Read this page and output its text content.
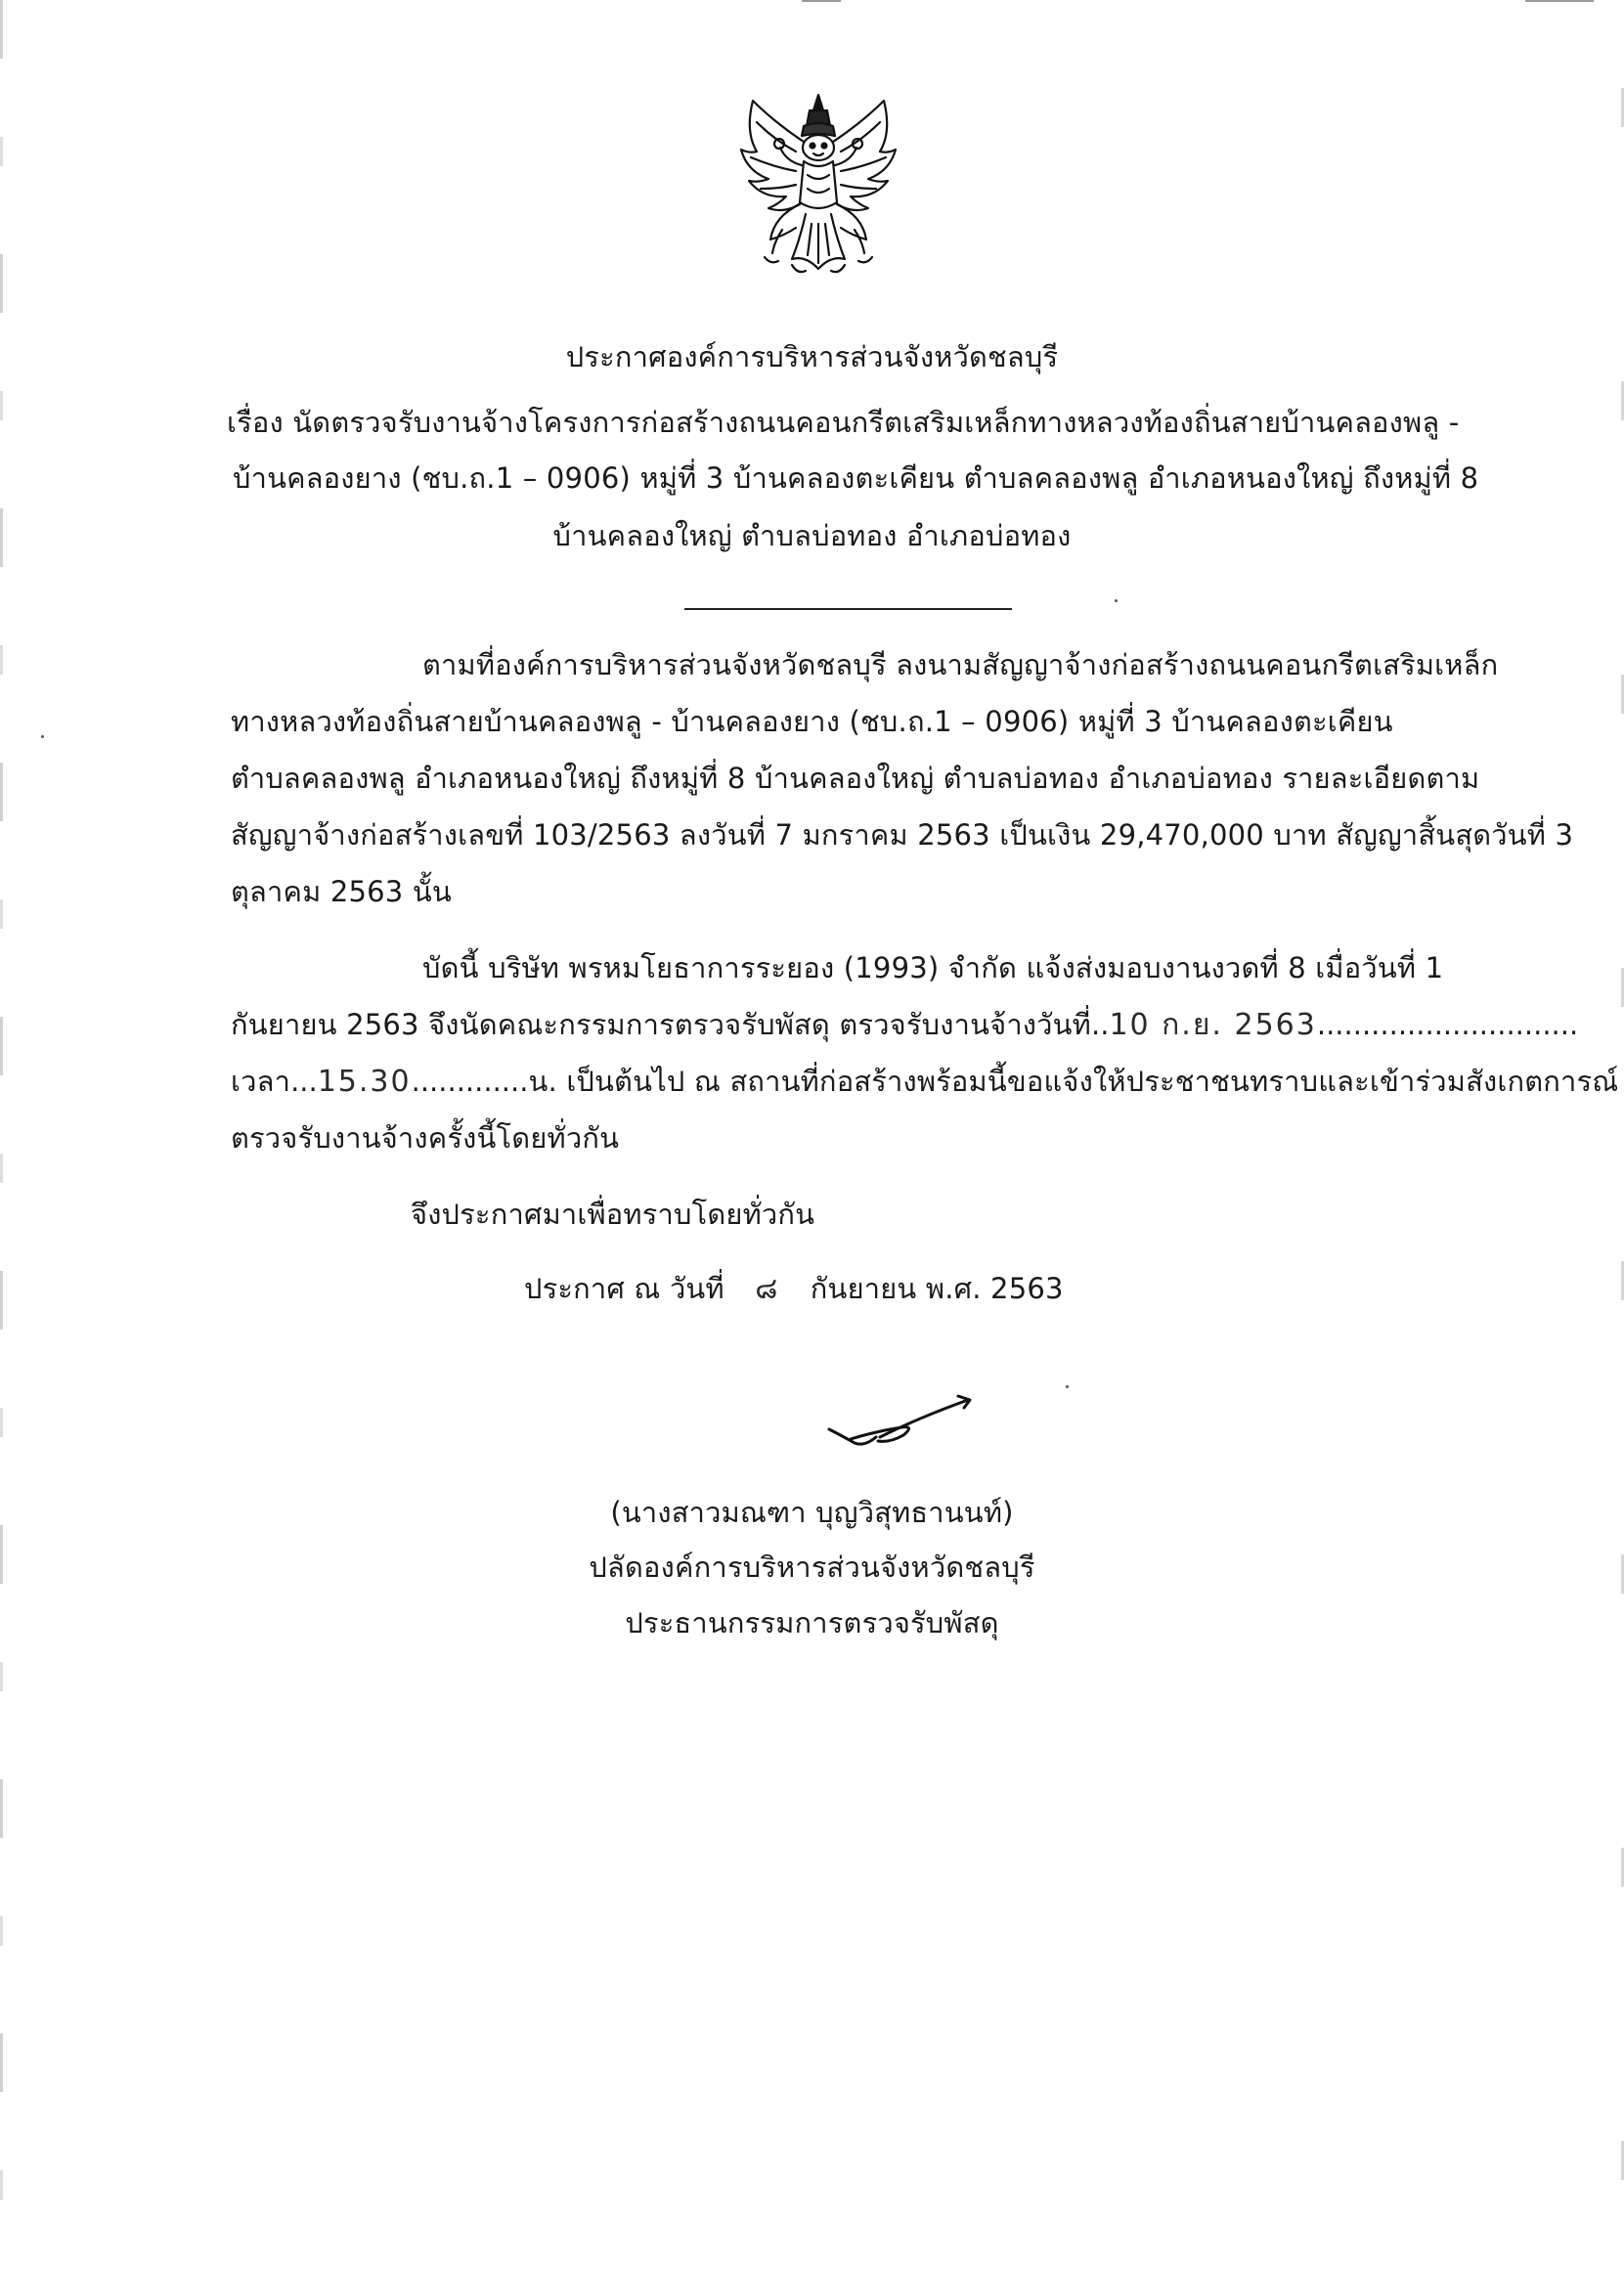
ประกาศองค์การบริหารส่วนจังหวัดชลบุรี
เรื่อง นัดตรวจรับงานจ้างโครงการก่อสร้างถนนคอนกรีตเสริมเหล็กทางหลวงท้องถิ่นสายบ้านคลองพลู -
บ้านคลองยาง (ชบ.ถ.1 – 0906) หมู่ที่ 3 บ้านคลองตะเคียน ตำบลคลองพลู อำเภอหนองใหญ่ ถึงหมู่ที่ 8
บ้านคลองใหญ่ ตำบลบ่อทอง อำเภอบ่อทอง
ตามที่องค์การบริหารส่วนจังหวัดชลบุรี ลงนามสัญญาจ้างก่อสร้างถนนคอนกรีตเสริมเหล็ก
ทางหลวงท้องถิ่นสายบ้านคลองพลู - บ้านคลองยาง (ชบ.ถ.1 – 0906) หมู่ที่ 3 บ้านคลองตะเคียน
ตำบลคลองพลู อำเภอหนองใหญ่ ถึงหมู่ที่ 8 บ้านคลองใหญ่ ตำบลบ่อทอง อำเภอบ่อทอง รายละเอียดตาม
สัญญาจ้างก่อสร้างเลขที่ 103/2563 ลงวันที่ 7 มกราคม 2563 เป็นเงิน 29,470,000 บาท สัญญาสิ้นสุดวันที่ 3
ตุลาคม 2563 นั้น
บัดนี้ บริษัท พรหมโยธาการระยอง (1993) จำกัด แจ้งส่งมอบงานงวดที่ 8 เมื่อวันที่ 1
กันยายน 2563 จึงนัดคณะกรรมการตรวจรับพัสดุ ตรวจรับงานจ้างวันที่..10 ก.ย. 2563.............................
เวลา...15.30.............น. เป็นต้นไป ณ สถานที่ก่อสร้างพร้อมนี้ขอแจ้งให้ประชาชนทราบและเข้าร่วมสังเกตการณ์
ตรวจรับงานจ้างครั้งนี้โดยทั่วกัน
จึงประกาศมาเพื่อทราบโดยทั่วกัน
ประกาศ ณ วันที่ ๘ กันยายน พ.ศ. 2563
(นางสาวมณฑา บุญวิสุทธานนท์)
ปลัดองค์การบริหารส่วนจังหวัดชลบุรี
ประธานกรรมการตรวจรับพัสดุ
